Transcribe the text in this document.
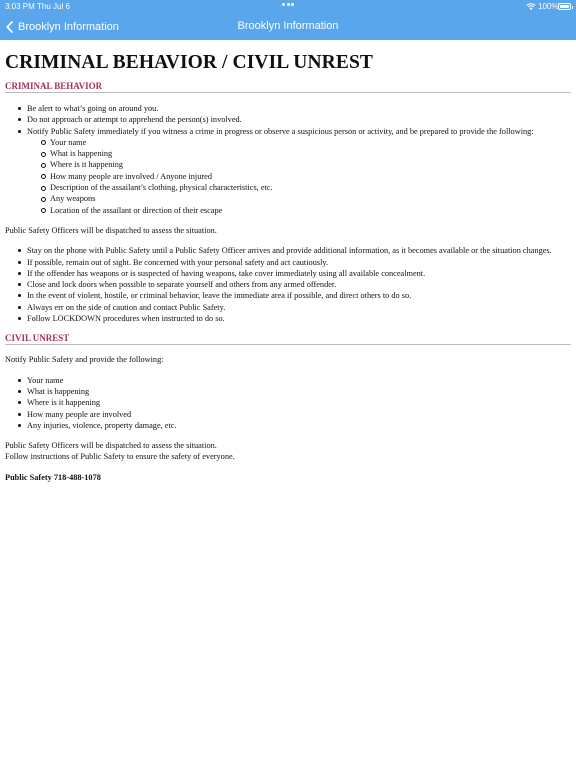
3:03 PM Thu Jul 6	100%
Brooklyn Information	Brooklyn Information
CRIMINAL BEHAVIOR / CIVIL UNREST
CRIMINAL BEHAVIOR
Be alert to what’s going on around you.
Do not approach or attempt to apprehend the person(s) involved.
Notify Public Safety immediately if you witness a crime in progress or observe a suspicious person or activity, and be prepared to provide the following:
Your name
What is happening
Where is it happening
How many people are involved / Anyone injured
Description of the assailant’s clothing, physical characteristics, etc.
Any weapons
Location of the assailant or direction of their escape

Public Safety Officers will be dispatched to assess the situation.

Stay on the phone with Public Safety until a Public Safety Officer arrives and provide additional information, as it becomes available or the situation changes.
If possible, remain out of sight. Be concerned with your personal safety and act cautiously.
If the offender has weapons or is suspected of having weapons, take cover immediately using all available concealment.
Close and lock doors when possible to separate yourself and others from any armed offender.
In the event of violent, hostile, or criminal behavior, leave the immediate area if possible, and direct others to do so.
Always err on the side of caution and contact Public Safety.
Follow LOCKDOWN procedures when instructed to do so.
CIVIL UNREST

Notify Public Safety and provide the following:

Your name
What is happening
Where is it happening
How many people are involved
Any injuries, violence, property damage, etc.

Public Safety Officers will be dispatched to assess the situation.
Follow instructions of Public Safety to ensure the safety of everyone.

Public Safety 718-488-1078
